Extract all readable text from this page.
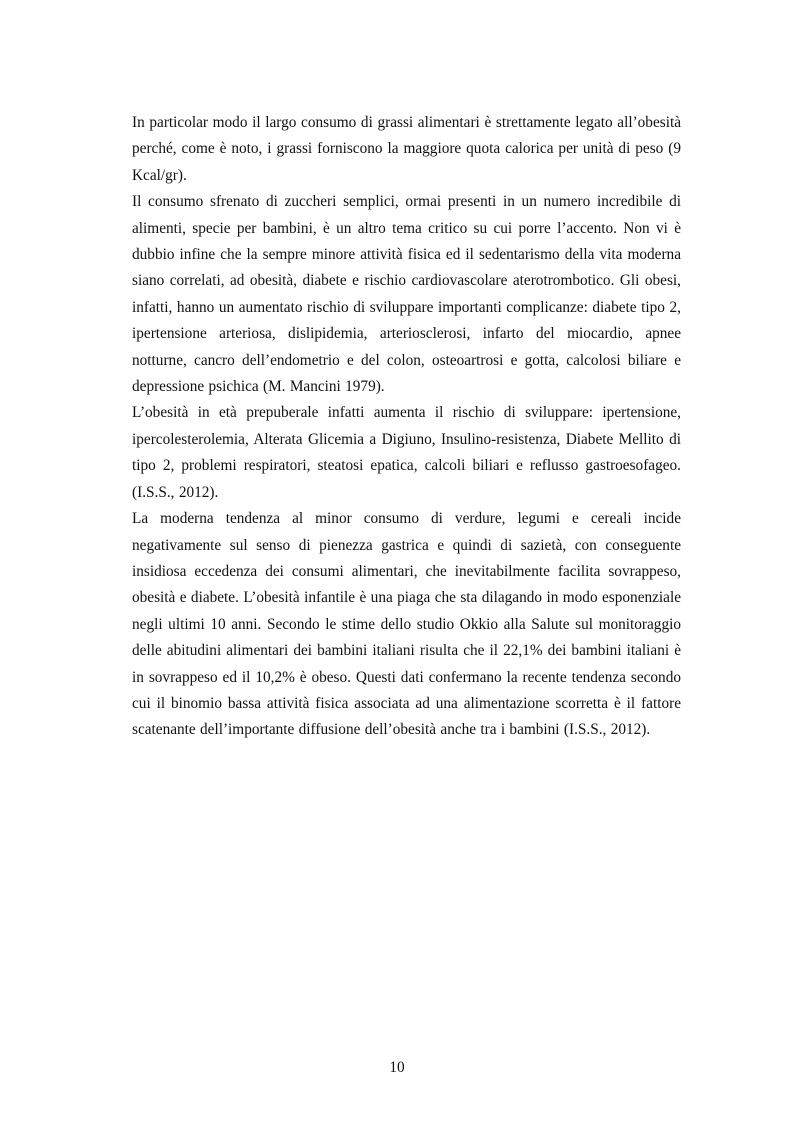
In particolar modo il largo consumo di grassi alimentari è strettamente legato all’obesità perché, come è noto, i grassi forniscono la maggiore quota calorica per unità di peso (9 Kcal/gr).

Il consumo sfrenato di zuccheri semplici, ormai presenti in un numero incredibile di alimenti, specie per bambini, è un altro tema critico su cui porre l’accento. Non vi è dubbio infine che la sempre minore attività fisica ed il sedentarismo della vita moderna siano correlati, ad obesità, diabete e rischio cardiovascolare aterotrombotico. Gli obesi, infatti, hanno un aumentato rischio di sviluppare importanti complicanze: diabete tipo 2, ipertensione arteriosa, dislipidemia, arteriosclerosi, infarto del miocardio, apnee notturne, cancro dell’endometrio e del colon, osteoartrosi e gotta, calcolosi biliare e depressione psichica (M. Mancini 1979).

L’obesità in età prepuberale infatti aumenta il rischio di sviluppare: ipertensione, ipercolesterolemia, Alterata Glicemia a Digiuno, Insulino-resistenza, Diabete Mellito di tipo 2, problemi respiratori, steatosi epatica, calcoli biliari e reflusso gastroesofageo. (I.S.S., 2012).

La moderna tendenza al minor consumo di verdure, legumi e cereali incide negativamente sul senso di pienezza gastrica e quindi di sazietà, con conseguente insidiosa eccedenza dei consumi alimentari, che inevitabilmente facilita sovrappeso, obesità e diabete. L’obesità infantile è una piaga che sta dilagando in modo esponenziale negli ultimi 10 anni. Secondo le stime dello studio Okkio alla Salute sul monitoraggio delle abitudini alimentari dei bambini italiani risulta che il 22,1% dei bambini italiani è in sovrappeso ed il 10,2% è obeso. Questi dati confermano la recente tendenza secondo cui il binomio bassa attività fisica associata ad una alimentazione scorretta è il fattore scatenante dell’importante diffusione dell’obesità anche tra i bambini (I.S.S., 2012).

10
